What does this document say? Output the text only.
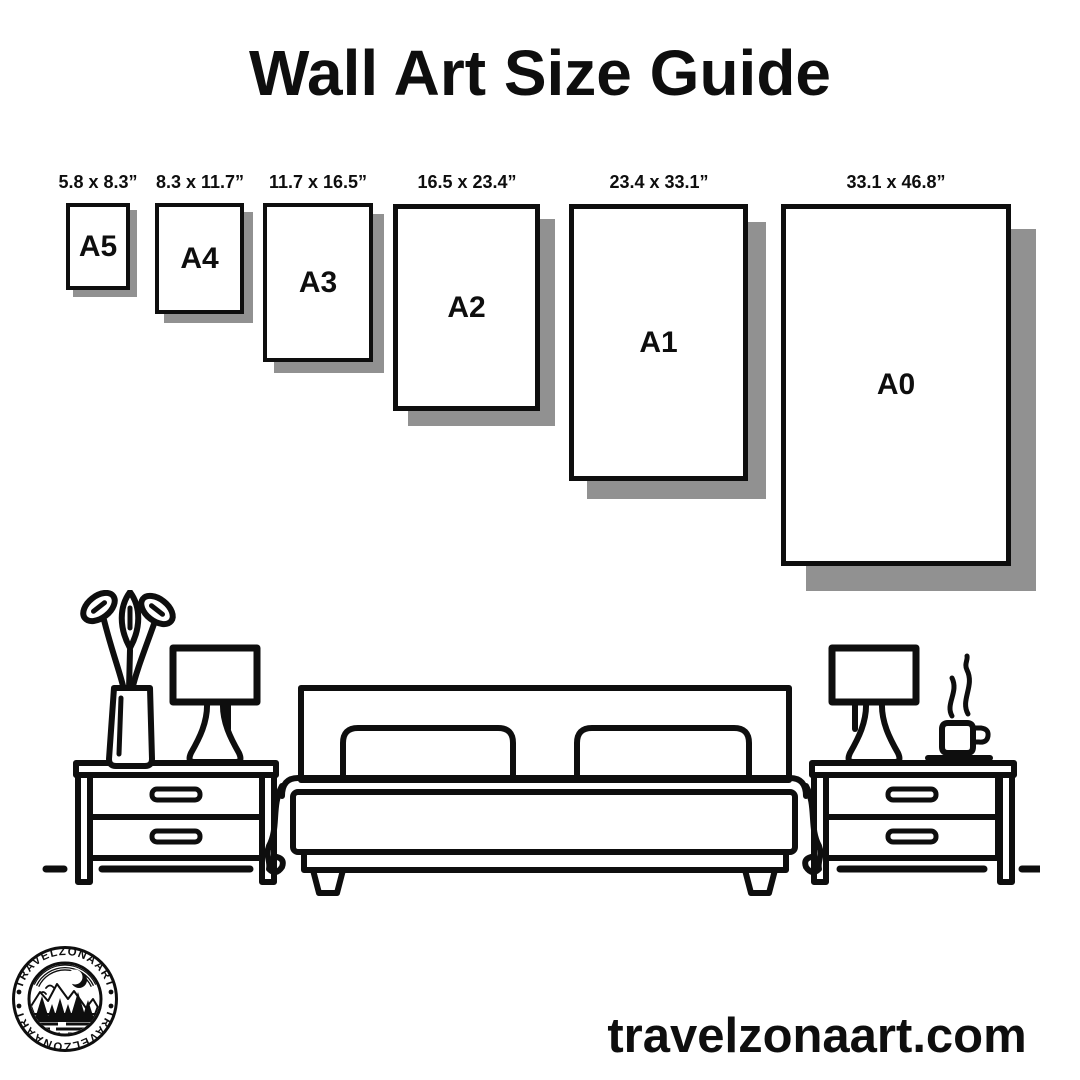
Wall Art Size Guide
5.8 x 8.3” 8.3 x 11.7” 11.7 x 16.5”	16.5 x 23.4”	23.4 x 33.1”	33.1 x 46.8”
A5 A4
A3
A2
A1
A0
TRAVELZONAART
TRAVELZONAART	travelzonaart.com
